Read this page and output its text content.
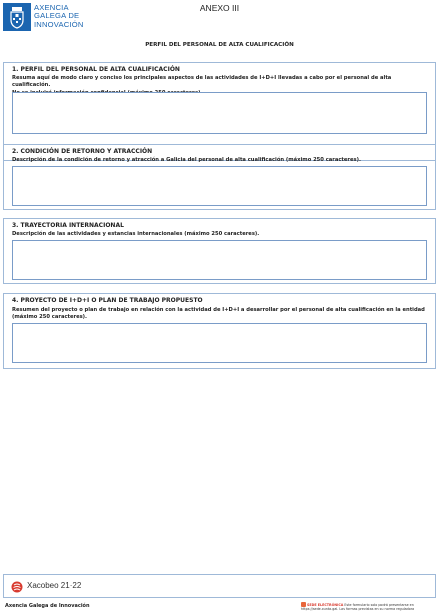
AXENCIA
GALEGA DE
INNOVACIÓN
ANEXO III
PERFIL DEL PERSONAL DE ALTA CUALIFICACIÓN
1. PERFIL DEL PERSONAL DE ALTA CUALIFICACIÓN
Resuma aquí de modo claro y conciso los principales aspectos de las actividades de I+D+I llevadas a cabo por el personal de alta cualificación.
2. CONDICIÓN DE RETORNO Y ATRACCIÓN
Descripción de la condición de retorno y atracción a Galicia del personal de alta cualificación (máximo 250 caracteres).
3. TRAYECTORIA INTERNACIONAL
Descripción de las actividades y estancias internacionales (máximo 250 caracteres).
4. PROYECTO DE I+D+I O PLAN DE TRABAJO PROPUESTO
Resumen del proyecto o plan de trabajo en relación con la actividad de I+D+I a desarrollar por el personal de alta cualificación en la entidad
(máximo 250 caracteres).
Xacobeo 21·22
Axencia Galega de Innovación	SEDE ELECTRÓNICA Este formulario solo podrá presentarse en
https://sede.xunta.gal. Las formas previstas en su norma reguladora
